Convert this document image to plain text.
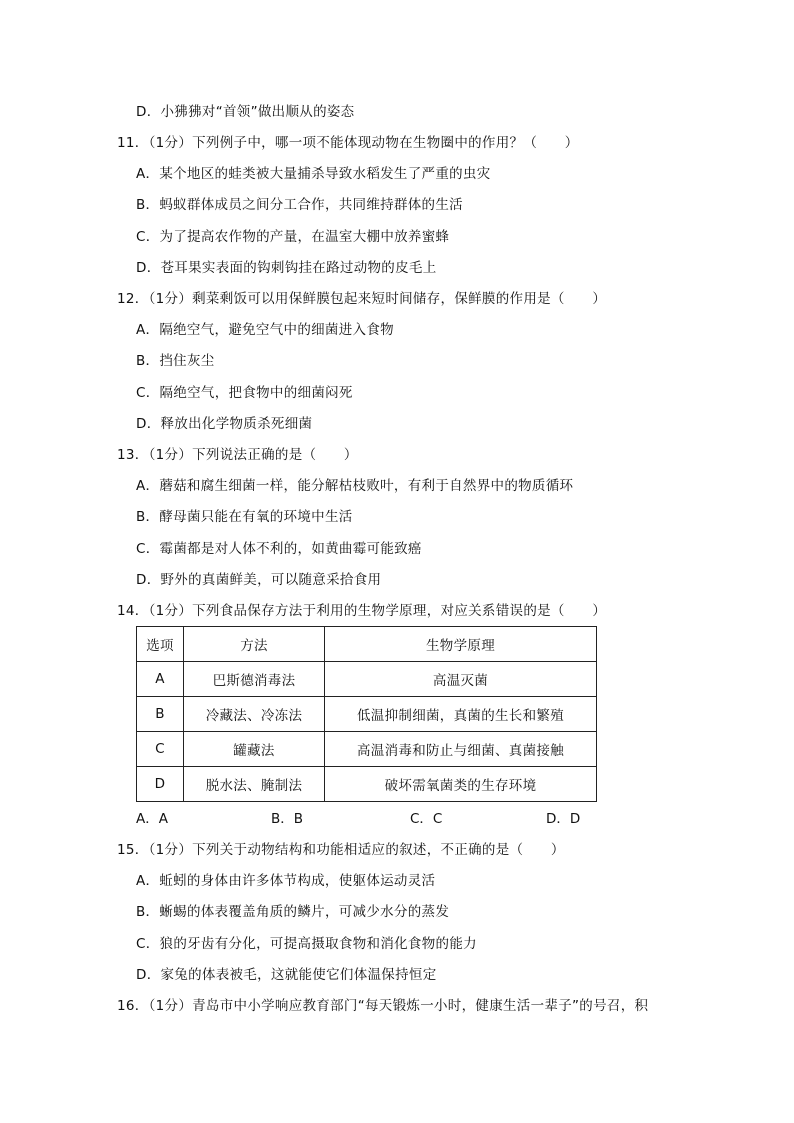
D．小狒狒对“首领”做出顺从的姿态
11．（1分）下列例子中，哪一项不能体现动物在生物圈中的作用？（　　）
A．某个地区的蛙类被大量捕杀导致水稻发生了严重的虫灾
B．蚂蚁群体成员之间分工合作，共同维持群体的生活
C．为了提高农作物的产量，在温室大棚中放养蜜蜂
D．苍耳果实表面的钩刺钩挂在路过动物的皮毛上
12．（1分）剩菜剩饭可以用保鲜膜包起来短时间储存，保鲜膜的作用是（　　）
A．隔绝空气，避免空气中的细菌进入食物
B．挡住灰尘
C．隔绝空气，把食物中的细菌闷死
D．释放出化学物质杀死细菌
13．（1分）下列说法正确的是（　　）
A．蘑菇和腐生细菌一样，能分解枯枝败叶，有利于自然界中的物质循环
B．酵母菌只能在有氧的环境中生活
C．霉菌都是对人体不利的，如黄曲霉可能致癌
D．野外的真菌鲜美，可以随意采拾食用
14．（1分）下列食品保存方法于利用的生物学原理，对应关系错误的是（　　）
选项	方法	生物学原理
A	巴斯德消毒法	高温灭菌
B	冷藏法、冷冻法	低温抑制细菌，真菌的生长和繁殖
C	罐藏法	高温消毒和防止与细菌、真菌接触
D	脱水法、腌制法	破坏需氧菌类的生存环境
A．A	B．B	C．C	D．D
15．（1分）下列关于动物结构和功能相适应的叙述，不正确的是（　　）
A．蚯蚓的身体由许多体节构成，使躯体运动灵活
B．蜥蜴的体表覆盖角质的鳞片，可减少水分的蒸发
C．狼的牙齿有分化，可提高摄取食物和消化食物的能力
D．家兔的体表被毛，这就能使它们体温保持恒定
16．（1分）青岛市中小学响应教育部门“每天锻炼一小时，健康生活一辈子”的号召，积
